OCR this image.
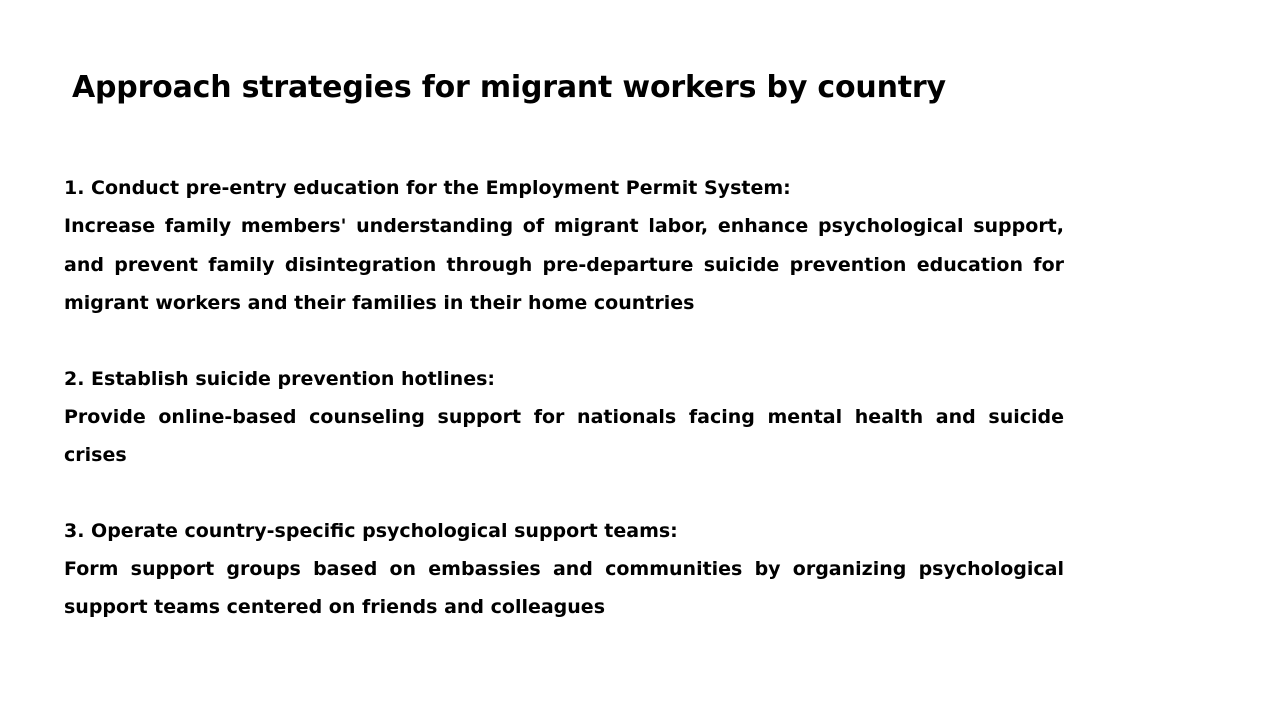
Approach strategies for migrant workers by country

1. Conduct pre-entry education for the Employment Permit System:

Increase family members' understanding of migrant labor, enhance psychological support, and prevent family disintegration through pre-departure suicide prevention education for migrant workers and their families in their home countries

2. Establish suicide prevention hotlines:

Provide online-based counseling support for nationals facing mental health and suicide crises

3. Operate country-specific psychological support teams:

Form support groups based on embassies and communities by organizing psychological support teams centered on friends and colleagues
